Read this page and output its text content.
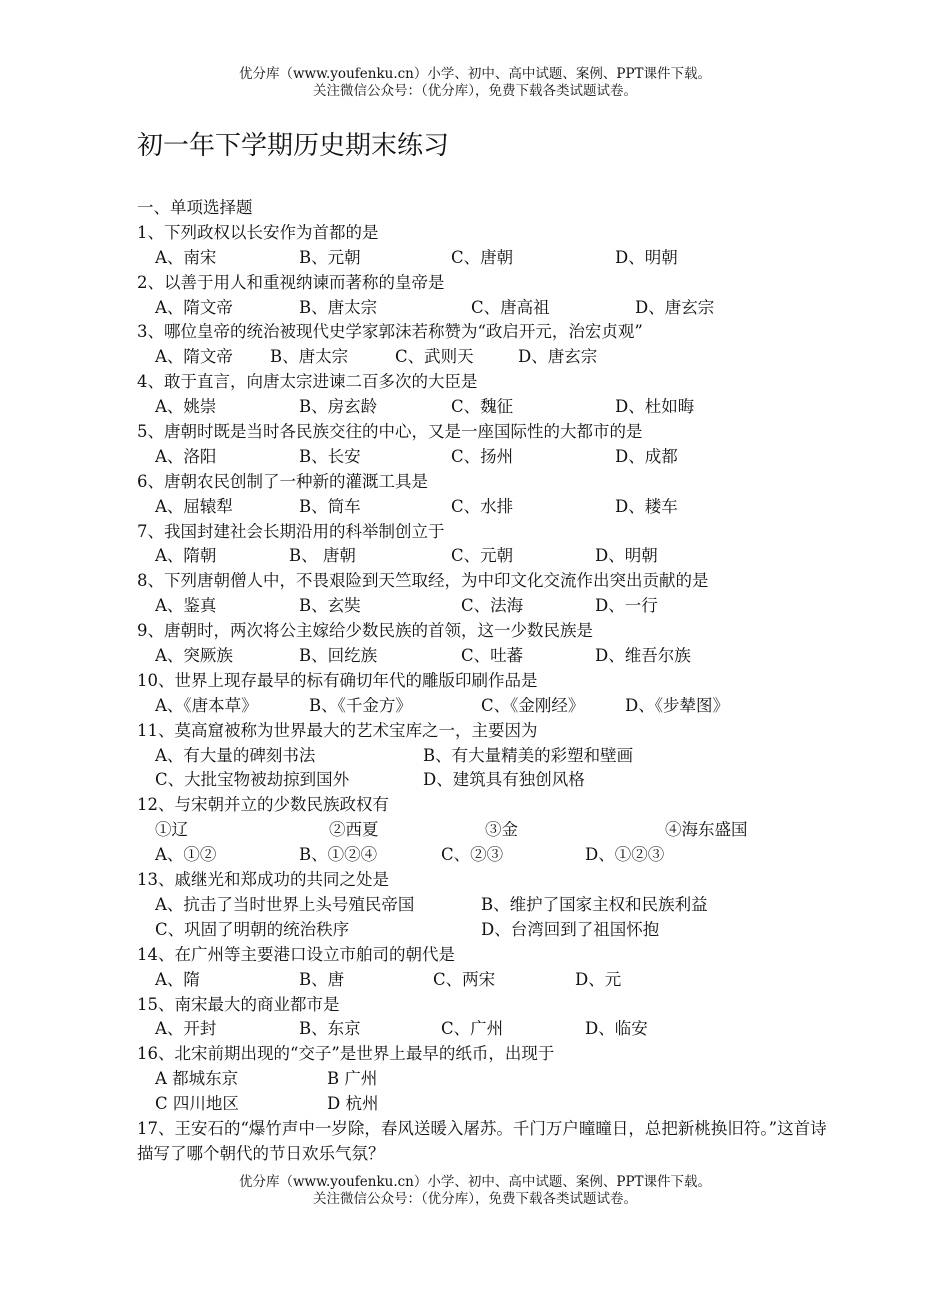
优分库（www.youfenku.cn）小学、初中、高中试题、案例、PPT课件下载。
关注微信公众号：（优分库），免费下载各类试题试卷。
初一年下学期历史期末练习
一、单项选择题
1、下列政权以长安作为首都的是
A、南宋	B、元朝	C、唐朝	D、明朝
2、以善于用人和重视纳谏而著称的皇帝是
A、隋文帝	B、唐太宗	C、唐高祖	D、唐玄宗
3、哪位皇帝的统治被现代史学家郭沫若称赞为“政启开元，治宏贞观”
A、隋文帝 B、唐太宗	C、武则天	D、唐玄宗
4、敢于直言，向唐太宗进谏二百多次的大臣是
A、姚崇	B、房玄龄	C、魏征	D、杜如晦
5、唐朝时既是当时各民族交往的中心，又是一座国际性的大都市的是
A、洛阳	B、长安	C、扬州	D、成都
6、唐朝农民创制了一种新的灌溉工具是
A、屈辕犁	B、筒车	C、水排	D、耧车
7、我国封建社会长期沿用的科举制创立于
A、隋朝	B、 唐朝	C、元朝	D、明朝
8、下列唐朝僧人中，不畏艰险到天竺取经，为中印文化交流作出突出贡献的是
A、鉴真	B、玄奘	C、法海	D、一行
9、唐朝时，两次将公主嫁给少数民族的首领，这一少数民族是
A、突厥族	B、回纥族	C、吐蕃	D、维吾尔族
10、世界上现存最早的标有确切年代的雕版印刷作品是
A、《唐本草》	B、《千金方》	C、《金刚经》 D、《步辇图》
11、莫高窟被称为世界最大的艺术宝库之一，主要因为
A、有大量的碑刻书法	B、有大量精美的彩塑和壁画
C、大批宝物被劫掠到国外	D、建筑具有独创风格
12、与宋朝并立的少数民族政权有
①辽	②西夏	③金	④海东盛国
A、①②	B、①②④	C、②③	D、①②③
13、戚继光和郑成功的共同之处是
A、抗击了当时世界上头号殖民帝国	B、维护了国家主权和民族利益
C、巩固了明朝的统治秩序	D、台湾回到了祖国怀抱
14、在广州等主要港口设立市舶司的朝代是
A、隋	B、唐	C、两宋	D、元
15、南宋最大的商业都市是
A、开封	B、东京	C、广州	D、临安
16、北宋前期出现的“交子”是世界上最早的纸币，出现于
A 都城东京	B 广州
C 四川地区	D 杭州
17、王安石的“爆竹声中一岁除，春风送暖入屠苏。千门万户曈曈日，总把新桃换旧符。”这首诗描写了哪个朝代的节日欢乐气氛？
优分库（www.youfenku.cn）小学、初中、高中试题、案例、PPT课件下载。
关注微信公众号：（优分库），免费下载各类试题试卷。
